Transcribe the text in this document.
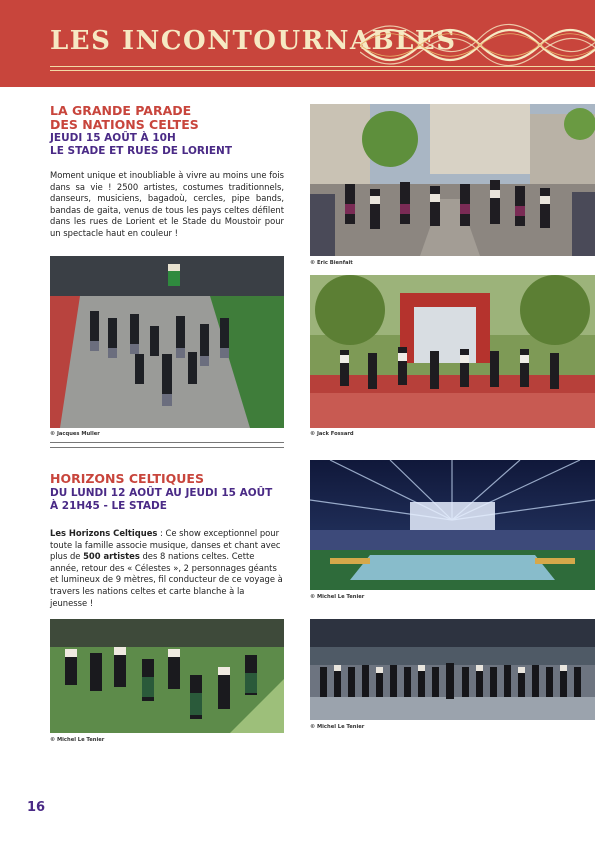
LES INCONTOURNABLES
LA GRANDE PARADE
DES NATIONS CELTES
JEUDI 15 AOÛT À 10H
LE STADE ET RUES DE LORIENT
Moment unique et inoubliable à vivre au moins une fois dans sa vie ! 2500 artistes, costumes traditionnels, danseurs, musiciens, bagadoù, cercles, pipe bands, bandas de gaita, venus de tous les pays celtes défilent dans les rues de Lorient et le Stade du Moustoir pour un spectacle haut en couleur !
© Jacques Muller
© Eric Bienfait
© Jack Fossard
HORIZONS CELTIQUES
DU LUNDI 12 AOÛT AU JEUDI 15 AOÛT
À 21H45 - LE STADE
Les Horizons Celtiques : Ce show exceptionnel pour toute la famille associe musique, danses et chant avec plus de 500 artistes des 8 nations celtes. Cette année, retour des « Célestes », 2 personnages géants et lumineux de 9 mètres, fil conducteur de ce voyage à travers les nations celtes et carte blanche à la jeunesse !
© Michel Le Tenier
© Michel Le Tenier
© Michel Le Tenier
16
